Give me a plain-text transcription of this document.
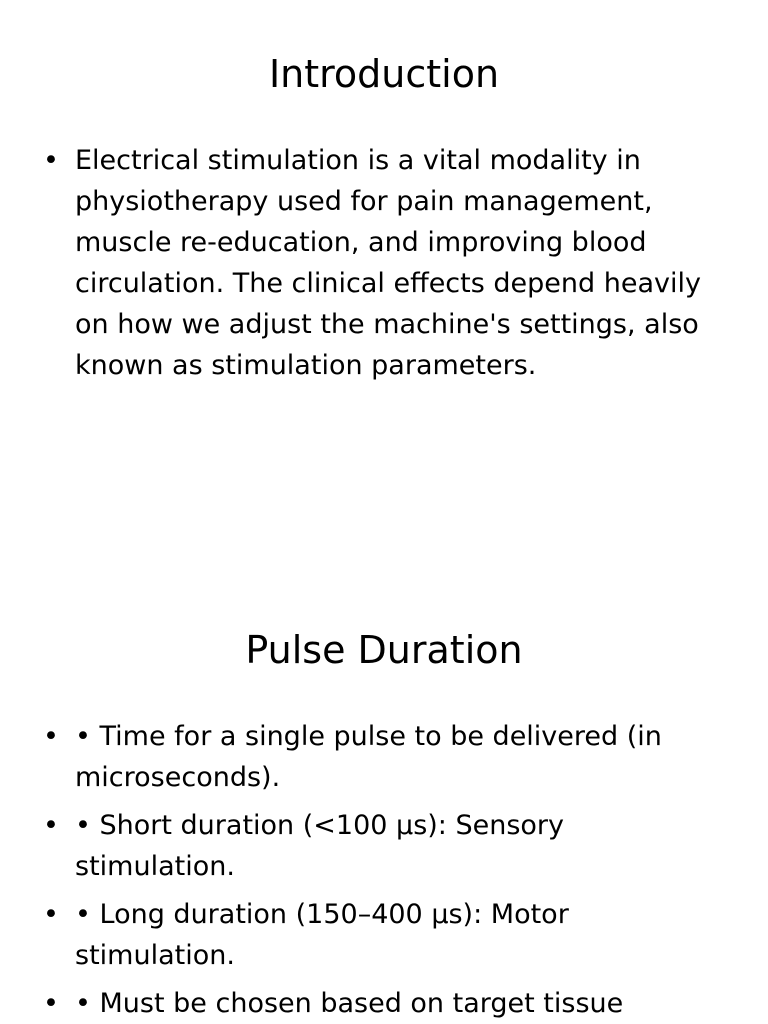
Introduction
• Electrical stimulation is a vital modality in physiotherapy used for pain management, muscle re-education, and improving blood circulation. The clinical effects depend heavily on how we adjust the machine's settings, also known as stimulation parameters.
Pulse Duration
• • Time for a single pulse to be delivered (in microseconds).
• • Short duration (<100 µs): Sensory stimulation.
• • Long duration (150–400 µs): Motor stimulation.
• • Must be chosen based on target tissue
